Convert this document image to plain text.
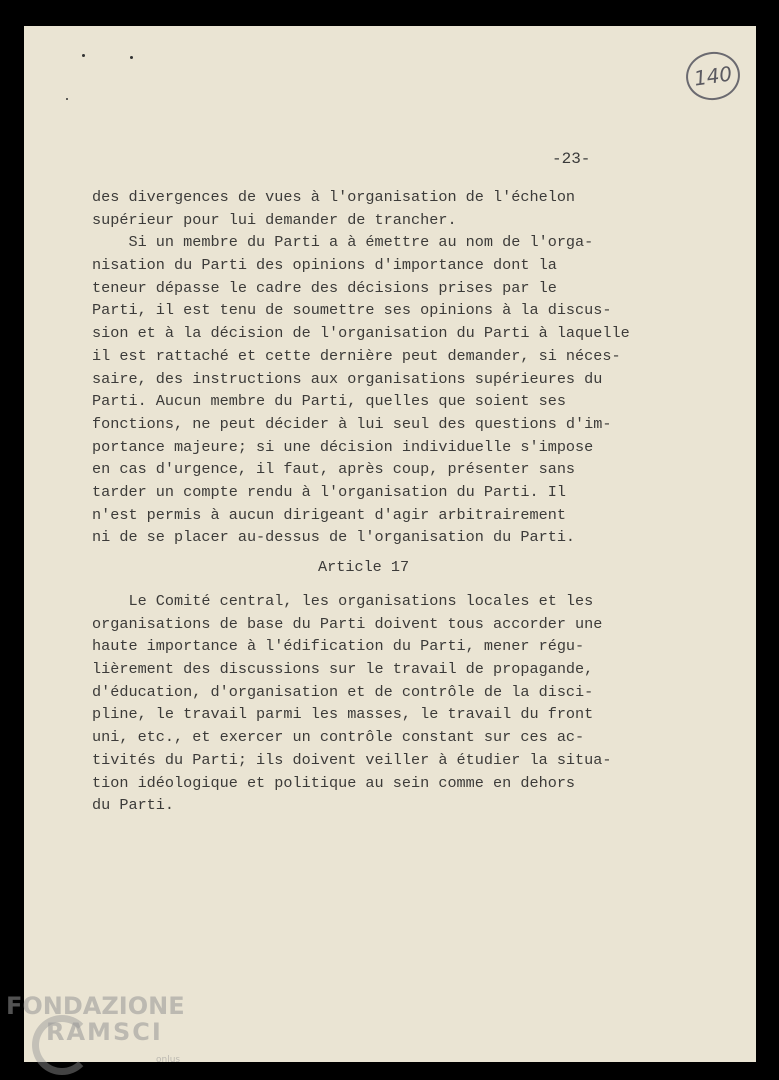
140
-23-
des divergences de vues à l'organisation de l'échelon
supérieur pour lui demander de trancher.
Si un membre du Parti a à émettre au nom de l'orga-
nisation du Parti des opinions d'importance dont la
teneur dépasse le cadre des décisions prises par le
Parti, il est tenu de soumettre ses opinions à la discus-
sion et à la décision de l'organisation du Parti à laquelle
il est rattaché et cette dernière peut demander, si néces-
saire, des instructions aux organisations supérieures du
Parti. Aucun membre du Parti, quelles que soient ses
fonctions, ne peut décider à lui seul des questions d'im-
portance majeure; si une décision individuelle s'impose
en cas d'urgence, il faut, après coup, présenter sans
tarder un compte rendu à l'organisation du Parti. Il
n'est permis à aucun dirigeant d'agir arbitrairement
ni de se placer au-dessus de l'organisation du Parti.
Article 17
Le Comité central, les organisations locales et les
organisations de base du Parti doivent tous accorder une
haute importance à l'édification du Parti, mener régu-
lièrement des discussions sur le travail de propagande,
d'éducation, d'organisation et de contrôle de la disci-
pline, le travail parmi les masses, le travail du front
uni, etc., et exercer un contrôle constant sur ces ac-
tivités du Parti; ils doivent veiller à étudier la situa-
tion idéologique et politique au sein comme en dehors
du Parti.
FONDAZIONE
RAMSCI
onlus
